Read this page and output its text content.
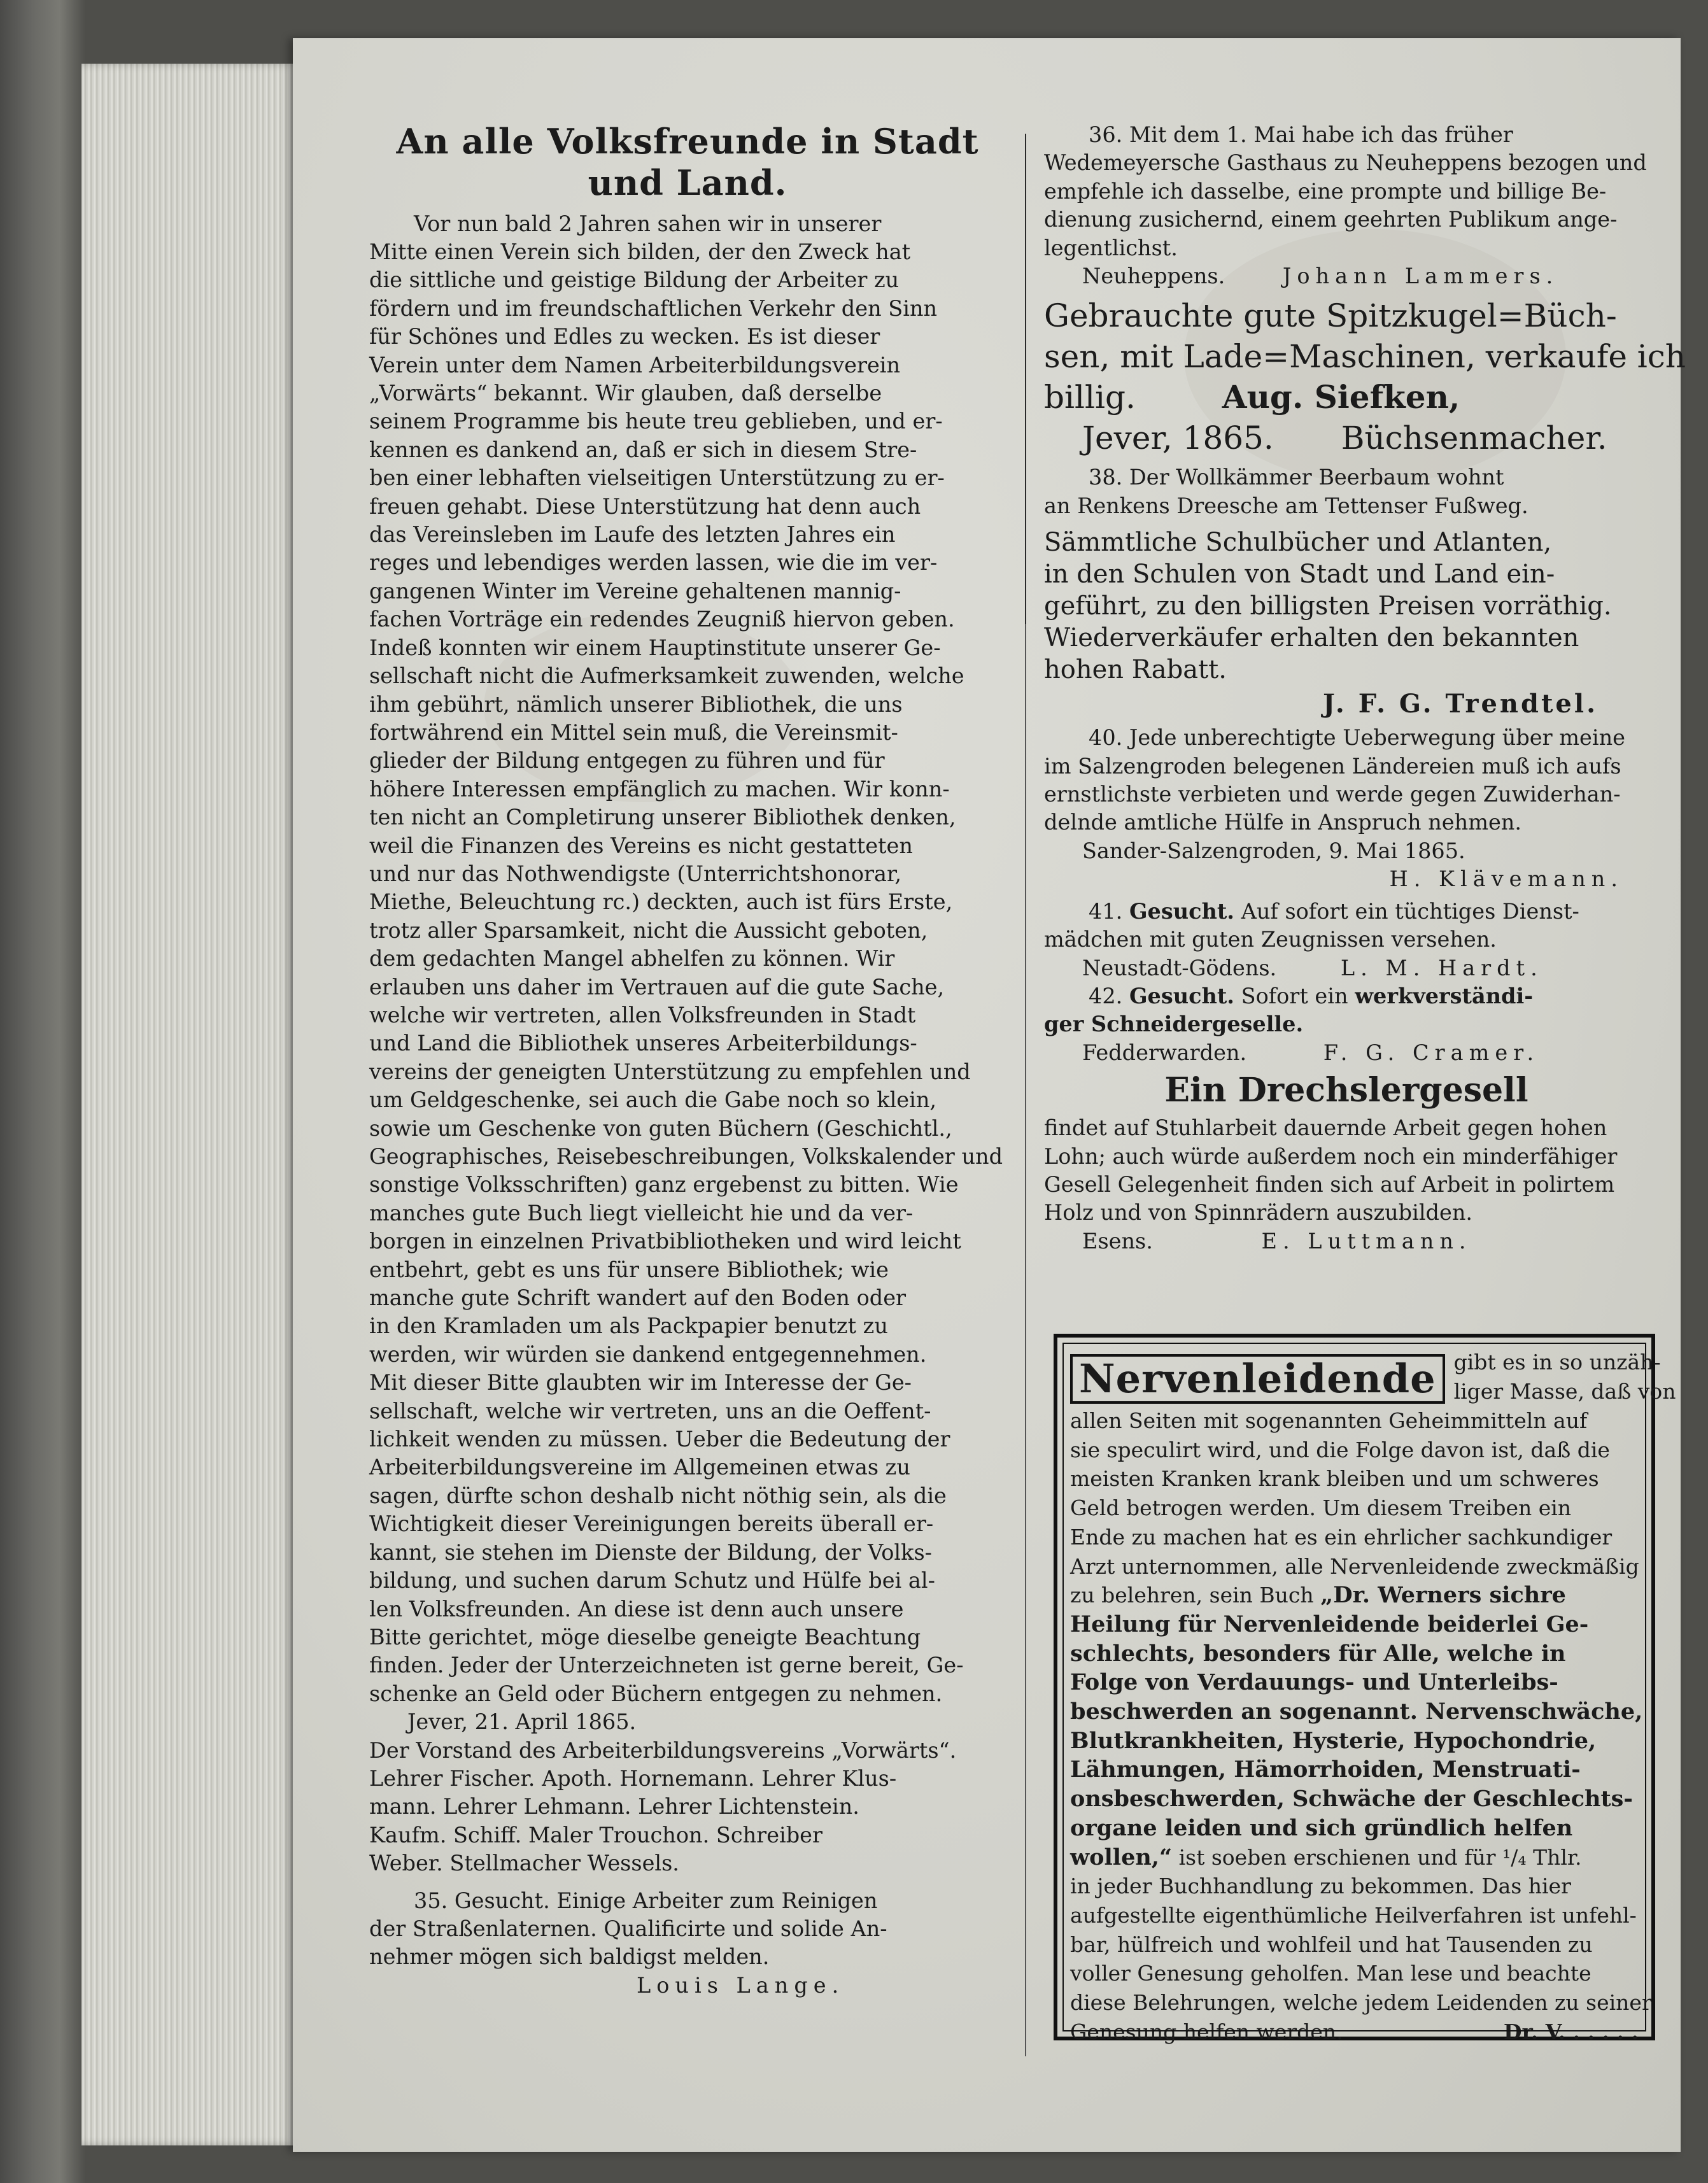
An alle Volksfreunde in Stadt
und Land.
Vor nun bald 2 Jahren sahen wir in unserer
Mitte einen Verein sich bilden, der den Zweck hat
die sittliche und geistige Bildung der Arbeiter zu
fördern und im freundschaftlichen Verkehr den Sinn
für Schönes und Edles zu wecken. Es ist dieser
Verein unter dem Namen Arbeiterbildungsverein
„Vorwärts“ bekannt. Wir glauben, daß derselbe
seinem Programme bis heute treu geblieben, und er-
kennen es dankend an, daß er sich in diesem Stre-
ben einer lebhaften vielseitigen Unterstützung zu er-
freuen gehabt. Diese Unterstützung hat denn auch
das Vereinsleben im Laufe des letzten Jahres ein
reges und lebendiges werden lassen, wie die im ver-
gangenen Winter im Vereine gehaltenen mannig-
fachen Vorträge ein redendes Zeugniß hiervon geben.
Indeß konnten wir einem Hauptinstitute unserer Ge-
sellschaft nicht die Aufmerksamkeit zuwenden, welche
ihm gebührt, nämlich unserer Bibliothek, die uns
fortwährend ein Mittel sein muß, die Vereinsmit-
glieder der Bildung entgegen zu führen und für
höhere Interessen empfänglich zu machen. Wir konn-
ten nicht an Completirung unserer Bibliothek denken,
weil die Finanzen des Vereins es nicht gestatteten
und nur das Nothwendigste (Unterrichtshonorar,
Miethe, Beleuchtung rc.) deckten, auch ist fürs Erste,
trotz aller Sparsamkeit, nicht die Aussicht geboten,
dem gedachten Mangel abhelfen zu können. Wir
erlauben uns daher im Vertrauen auf die gute Sache,
welche wir vertreten, allen Volksfreunden in Stadt
und Land die Bibliothek unseres Arbeiterbildungs-
vereins der geneigten Unterstützung zu empfehlen und
um Geldgeschenke, sei auch die Gabe noch so klein,
sowie um Geschenke von guten Büchern (Geschichtl.,
Geographisches, Reisebeschreibungen, Volkskalender und
sonstige Volksschriften) ganz ergebenst zu bitten. Wie
manches gute Buch liegt vielleicht hie und da ver-
borgen in einzelnen Privatbibliotheken und wird leicht
entbehrt, gebt es uns für unsere Bibliothek; wie
manche gute Schrift wandert auf den Boden oder
in den Kramladen um als Packpapier benutzt zu
werden, wir würden sie dankend entgegennehmen.
Mit dieser Bitte glaubten wir im Interesse der Ge-
sellschaft, welche wir vertreten, uns an die Oeffent-
lichkeit wenden zu müssen. Ueber die Bedeutung der
Arbeiterbildungsvereine im Allgemeinen etwas zu
sagen, dürfte schon deshalb nicht nöthig sein, als die
Wichtigkeit dieser Vereinigungen bereits überall er-
kannt, sie stehen im Dienste der Bildung, der Volks-
bildung, und suchen darum Schutz und Hülfe bei al-
len Volksfreunden. An diese ist denn auch unsere
Bitte gerichtet, möge dieselbe geneigte Beachtung
finden. Jeder der Unterzeichneten ist gerne bereit, Ge-
schenke an Geld oder Büchern entgegen zu nehmen.

Jever, 21. April 1865.

Der Vorstand des Arbeiterbildungsvereins „Vorwärts“.
Lehrer Fischer. Apoth. Hornemann. Lehrer Klus-
mann. Lehrer Lehmann. Lehrer Lichtenstein.
Kaufm. Schiff. Maler Trouchon. Schreiber
Weber. Stellmacher Wessels.
35. Gesucht. Einige Arbeiter zum Reinigen
der Straßenlaternen. Qualificirte und solide An-
nehmer mögen sich baldigst melden.

Louis Lange.

36. Mit dem 1. Mai habe ich das früher
Wedemeyersche Gasthaus zu Neuheppens bezogen und
empfehle ich dasselbe, eine prompte und billige Be-
dienung zusichernd, einem geehrten Publikum ange-
legentlichst.

Neuheppens.	Johann Lammers.

Gebrauchte gute Spitzkugel=Büch-
sen, mit Lade=Maschinen, verkaufe ich
billig.	Aug. Siefken,
Jever, 1865. Büchsenmacher.
38. Der Wollkämmer Beerbaum wohnt
an Renkens Dreesche am Tettenser Fußweg.
Sämmtliche Schulbücher und Atlanten,
in den Schulen von Stadt und Land ein-
geführt, zu den billigsten Preisen vorräthig.
Wiederverkäufer erhalten den bekannten
hohen Rabatt.

J. F. G. Trendtel.

40. Jede unberechtigte Ueberwegung über meine
im Salzengroden belegenen Ländereien muß ich aufs
ernstlichste verbieten und werde gegen Zuwiderhan-
delnde amtliche Hülfe in Anspruch nehmen.

Sander-Salzengroden, 9. Mai 1865.

H. Klävemann.

41. Gesucht. Auf sofort ein tüchtiges Dienst-

mädchen mit guten Zeugnissen versehen.

Neustadt-Gödens.	L. M. Hardt.

42. Gesucht. Sofort ein werkverständi-

ger Schneidergeselle.

Fedderwarden.	F. G. Cramer.

Ein Drechslergesell

findet auf Stuhlarbeit dauernde Arbeit gegen hohen
Lohn; auch würde außerdem noch ein minderfähiger
Gesell Gelegenheit finden sich auf Arbeit in polirtem
Holz und von Spinnrädern auszubilden.

Esens.	E. Luttmann.

Nervenleidende gibt es in so unzäh-
liger Masse, daß von
allen Seiten mit sogenannten Geheimmitteln auf
sie speculirt wird, und die Folge davon ist, daß die
meisten Kranken krank bleiben und um schweres
Geld betrogen werden. Um diesem Treiben ein
Ende zu machen hat es ein ehrlicher sachkundiger
Arzt unternommen, alle Nervenleidende zweckmäßig
zu belehren, sein Buch „Dr. Werners sichre
Heilung für Nervenleidende beiderlei Ge-
schlechts, besonders für Alle, welche in
Folge von Verdauungs- und Unterleibs-
beschwerden an sogenannt. Nervenschwäche,
Blutkrankheiten, Hysterie, Hypochondrie,
Lähmungen, Hämorrhoiden, Menstruati-
onsbeschwerden, Schwäche der Geschlechts-
organe leiden und sich gründlich helfen
wollen,“ ist soeben erschienen und für ¹/₄ Thlr.
in jeder Buchhandlung zu bekommen. Das hier
aufgestellte eigenthümliche Heilverfahren ist unfehl-
bar, hülfreich und wohlfeil und hat Tausenden zu
voller Genesung geholfen. Man lese und beachte
diese Belehrungen, welche jedem Leidenden zu seiner
Genesung helfen werden.	Dr. V. . . . . .
